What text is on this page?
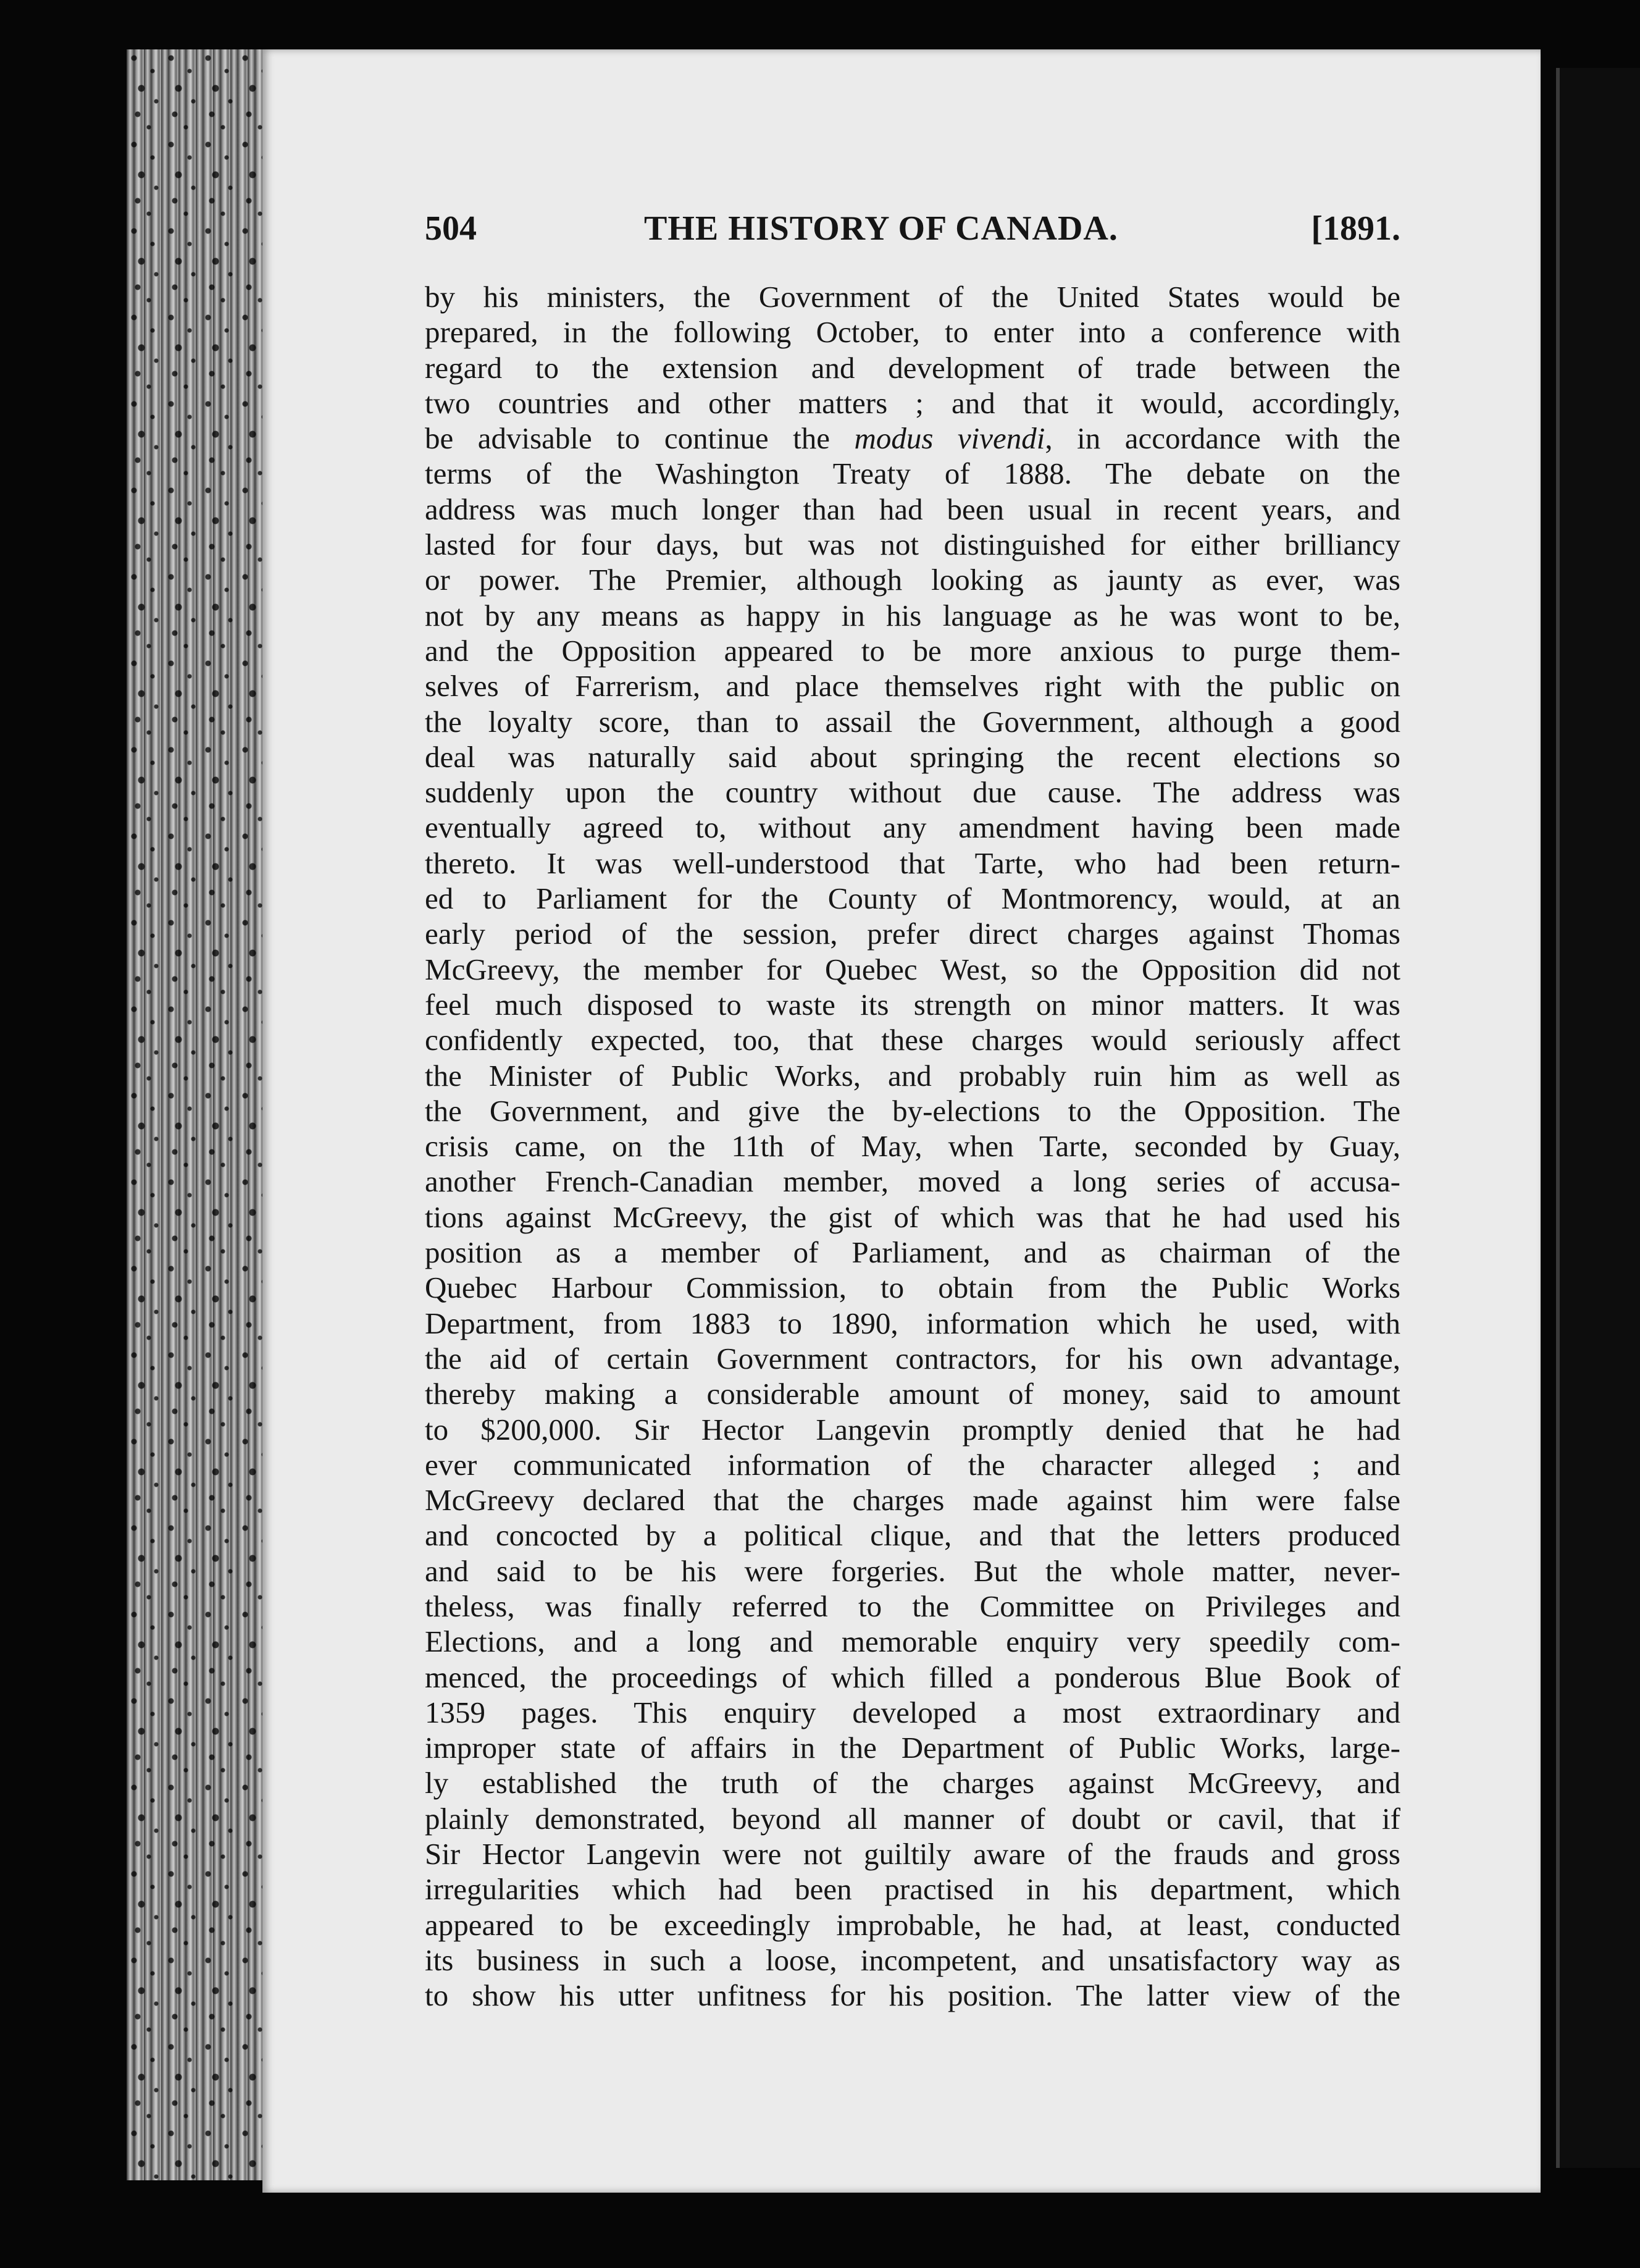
504	THE HISTORY OF CANADA.	[1891.
by his ministers, the Government of the United States would be
prepared, in the following October, to enter into a conference with
regard to the extension and development of trade between the
two countries and other matters ; and that it would, accordingly,
be advisable to continue the modus vivendi, in accordance with the
terms of the Washington Treaty of 1888. The debate on the
address was much longer than had been usual in recent years, and
lasted for four days, but was not distinguished for either brilliancy
or power. The Premier, although looking as jaunty as ever, was
not by any means as happy in his language as he was wont to be,
and the Opposition appeared to be more anxious to purge them-
selves of Farrerism, and place themselves right with the public on
the loyalty score, than to assail the Government, although a good
deal was naturally said about springing the recent elections so
suddenly upon the country without due cause. The address was
eventually agreed to, without any amendment having been made
thereto. It was well-understood that Tarte, who had been return-
ed to Parliament for the County of Montmorency, would, at an
early period of the session, prefer direct charges against Thomas
McGreevy, the member for Quebec West, so the Opposition did not
feel much disposed to waste its strength on minor matters. It was
confidently expected, too, that these charges would seriously affect
the Minister of Public Works, and probably ruin him as well as
the Government, and give the by-elections to the Opposition. The
crisis came, on the 11th of May, when Tarte, seconded by Guay,
another French-Canadian member, moved a long series of accusa-
tions against McGreevy, the gist of which was that he had used his
position as a member of Parliament, and as chairman of the
Quebec Harbour Commission, to obtain from the Public Works
Department, from 1883 to 1890, information which he used, with
the aid of certain Government contractors, for his own advantage,
thereby making a considerable amount of money, said to amount
to $200,000. Sir Hector Langevin promptly denied that he had
ever communicated information of the character alleged ; and
McGreevy declared that the charges made against him were false
and concocted by a political clique, and that the letters produced
and said to be his were forgeries. But the whole matter, never-
theless, was finally referred to the Committee on Privileges and
Elections, and a long and memorable enquiry very speedily com-
menced, the proceedings of which filled a ponderous Blue Book of
1359 pages. This enquiry developed a most extraordinary and
improper state of affairs in the Department of Public Works, large-
ly established the truth of the charges against McGreevy, and
plainly demonstrated, beyond all manner of doubt or cavil, that if
Sir Hector Langevin were not guiltily aware of the frauds and gross
irregularities which had been practised in his department, which
appeared to be exceedingly improbable, he had, at least, conducted
its business in such a loose, incompetent, and unsatisfactory way as
to show his utter unfitness for his position. The latter view of the
